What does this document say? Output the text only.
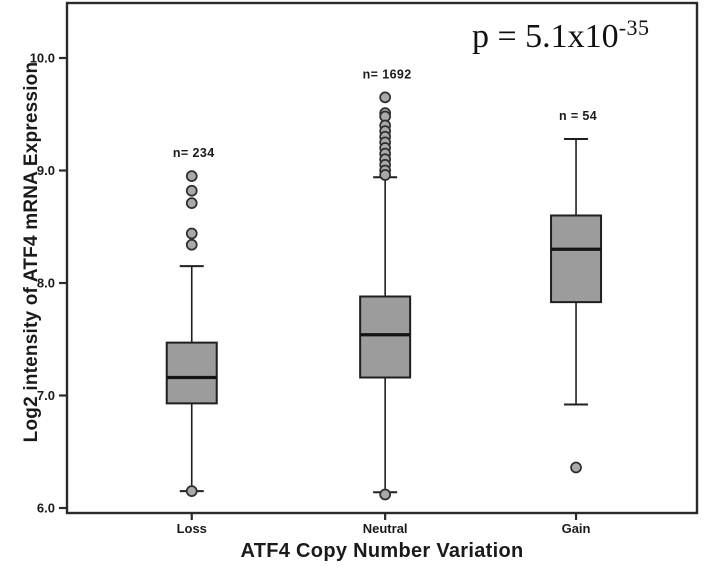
6.0
7.0
8.0
9.0
10.0
Loss	Neutral	Gain
n= 234
n= 1692
n = 54
Log2 intensity of ATF4 mRNA Expression
ATF4 Copy Number Variation
$p = 5.1x10^{-35}$
